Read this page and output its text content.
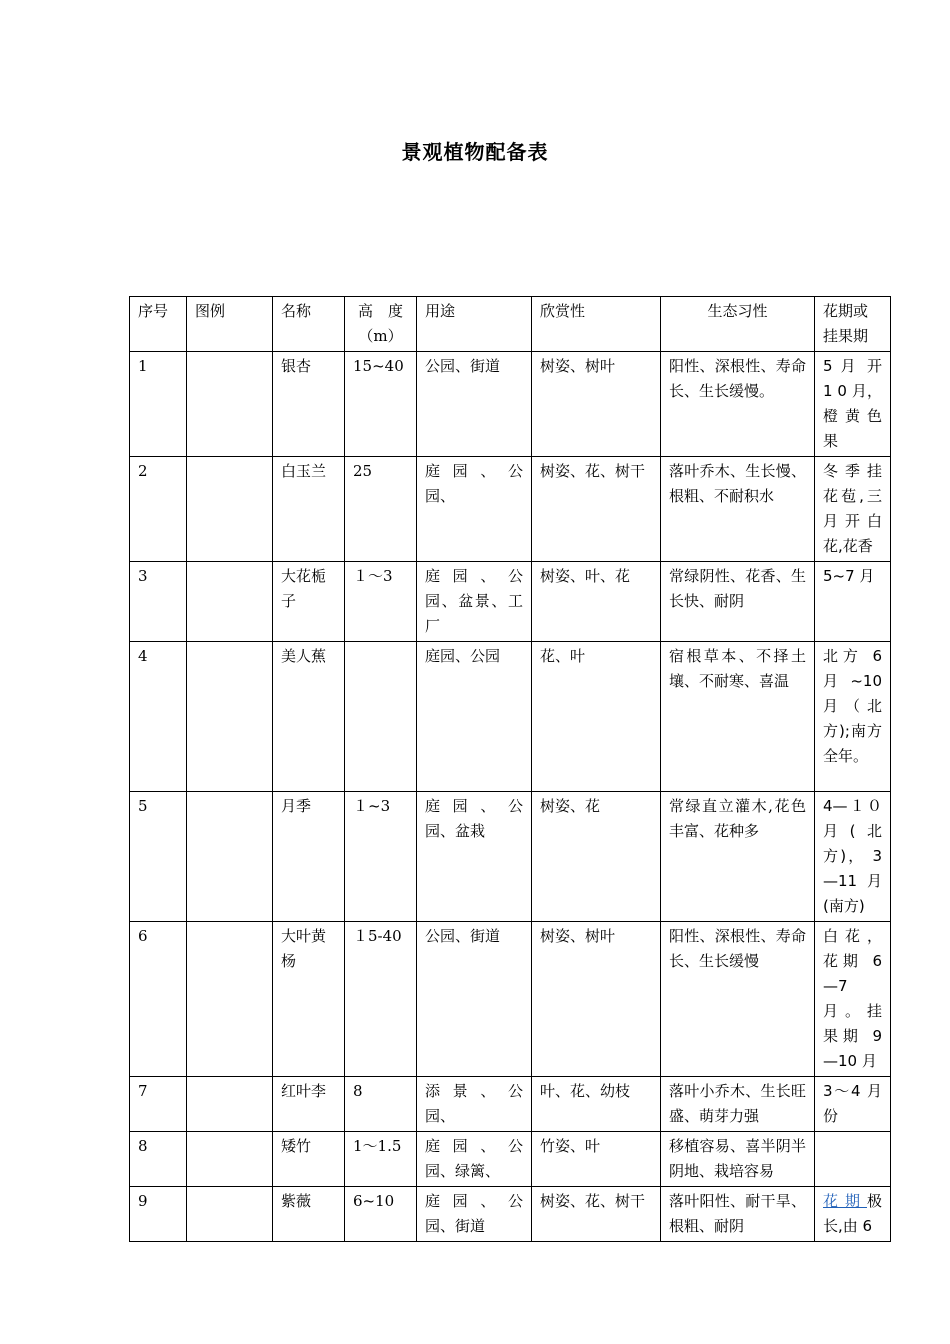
景观植物配备表
序号	图例	名称	高　度（m）	用途	欣赏性	生态习性	花期或挂果期
1		银杏	15~40	公园、街道	树姿、树叶	阳性、深根性、寿命长、生长缓慢。	5 月 开 1 0 月，橙 黄 色果
2		白玉兰	25	庭 园 、 公园、	树姿、花、树干	落叶乔木、生长慢、根粗、不耐积水	冬季挂花苞,三月开白花,花香
3		大花栀子	１～3	庭 园 、 公园、盆景、工厂	树姿、叶、花	常绿阴性、花香、生长快、耐阴	5~7 月
4		美人蕉		庭园、公园	花、叶	宿根草本、不择土壤、不耐寒、喜温	北方 6 月~10 月（北方);南方全年。
5		月季	１~3	庭 园 、 公园、盆栽	树姿、花	常绿直立灌木,花色丰富、花种多	4—１０月(北方)， 3—11 月(南方)
6		大叶黄杨	１5-40	公园、街道	树姿、树叶	阳性、深根性、寿命长、生长缓慢	白花，花期 6—7 月。挂果期 9—10 月
7		红叶李	8	添 景 、 公园、	叶、花、幼枝	落叶小乔木、生长旺盛、萌芽力强	3～4 月份
8		矮竹	1～1.5	庭 园 、 公园、绿篱、	竹姿、叶	移植容易、喜半阴半阴地、栽培容易	
9		紫薇	6~10	庭 园 、 公园、街道	树姿、花、树干	落叶阳性、耐干旱、根粗、耐阴	花期极长,由 6
